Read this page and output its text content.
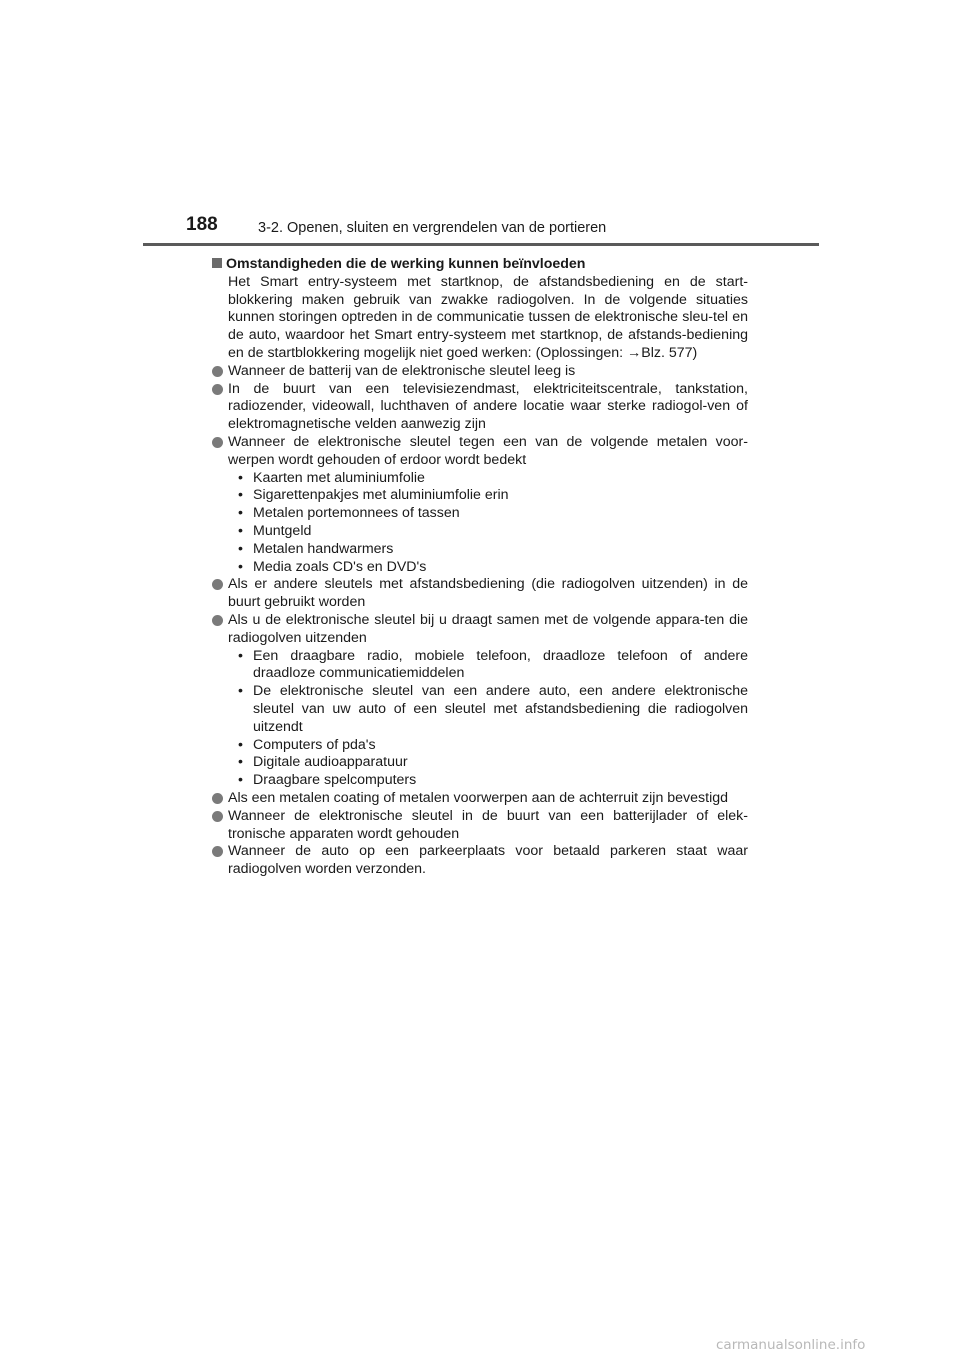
188	3-2. Openen, sluiten en vergrendelen van de portieren
Omstandigheden die de werking kunnen beïnvloeden
Het Smart entry-systeem met startknop, de afstandsbediening en de start-blokkering maken gebruik van zwakke radiogolven. In de volgende situaties kunnen storingen optreden in de communicatie tussen de elektronische sleu-tel en de auto, waardoor het Smart entry-systeem met startknop, de afstands-bediening en de startblokkering mogelijk niet goed werken: (Oplossingen: →Blz. 577)
Wanneer de batterij van de elektronische sleutel leeg is
In de buurt van een televisiezendmast, elektriciteitscentrale, tankstation, radiozender, videowall, luchthaven of andere locatie waar sterke radiogol-ven of elektromagnetische velden aanwezig zijn
Wanneer de elektronische sleutel tegen een van de volgende metalen voor-werpen wordt gehouden of erdoor wordt bedekt
• Kaarten met aluminiumfolie
• Sigarettenpakjes met aluminiumfolie erin
• Metalen portemonnees of tassen
• Muntgeld
• Metalen handwarmers
• Media zoals CD's en DVD's
Als er andere sleutels met afstandsbediening (die radiogolven uitzenden) in de buurt gebruikt worden
Als u de elektronische sleutel bij u draagt samen met de volgende appara-ten die radiogolven uitzenden
• Een draagbare radio, mobiele telefoon, draadloze telefoon of andere draadloze communicatiemiddelen
• De elektronische sleutel van een andere auto, een andere elektronische sleutel van uw auto of een sleutel met afstandsbediening die radiogolven uitzendt
• Computers of pda's
• Digitale audioapparatuur
• Draagbare spelcomputers
Als een metalen coating of metalen voorwerpen aan de achterruit zijn bevestigd
Wanneer de elektronische sleutel in de buurt van een batterijlader of elek-tronische apparaten wordt gehouden
Wanneer de auto op een parkeerplaats voor betaald parkeren staat waar radiogolven worden verzonden.
carmanualsonline.info
